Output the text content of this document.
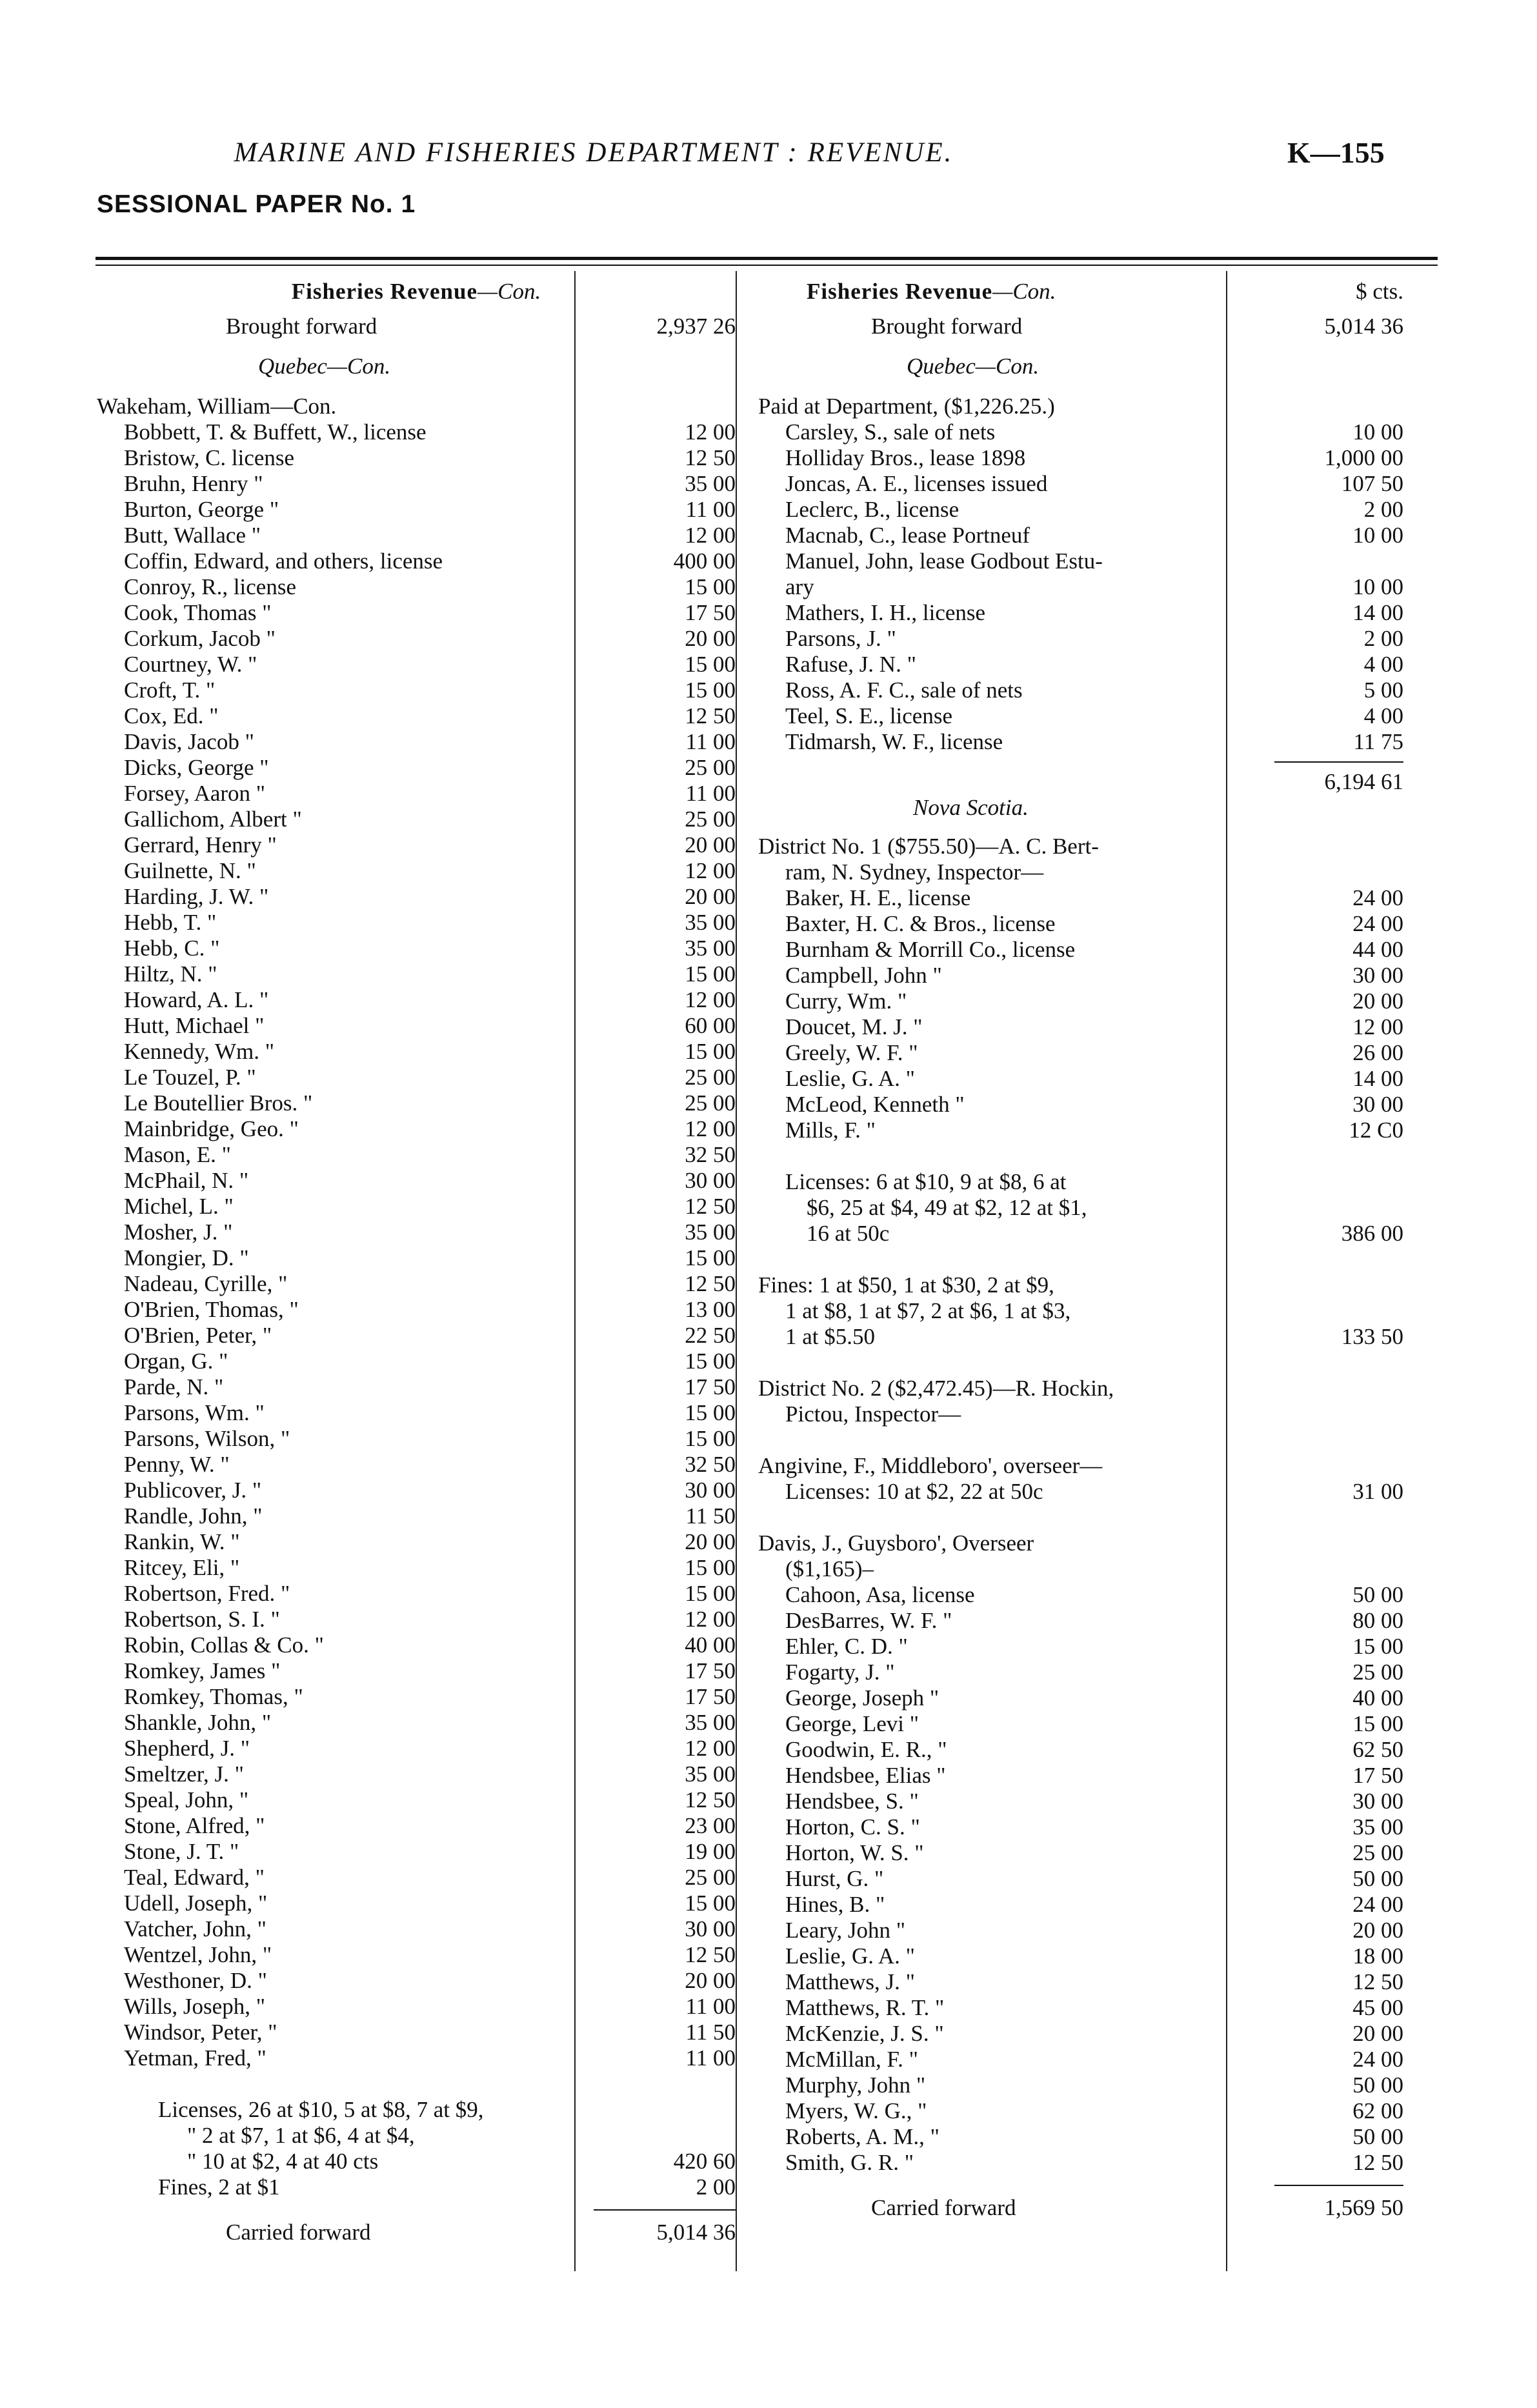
MARINE AND FISHERIES DEPARTMENT : REVENUE.	K—155
SESSIONAL PAPER No. 1
Fisheries Revenue—Con.
Brought forward	2,937 26
Quebec—Con.
Wakeham, William—Con.
Bobbett, T. & Buffett, W., license	12 00
Bristow, C. license	12 50
Bruhn, Henry "	35 00
Burton, George "	11 00
Butt, Wallace "	12 00
Coffin, Edward, and others, license	400 00
Conroy, R., license	15 00
Cook, Thomas "	17 50
Corkum, Jacob "	20 00
Courtney, W. "	15 00
Croft, T. "	15 00
Cox, Ed. "	12 50
Davis, Jacob "	11 00
Dicks, George "	25 00
Forsey, Aaron "	11 00
Gallichom, Albert "	25 00
Gerrard, Henry "	20 00
Guilnette, N. "	12 00
Harding, J. W. "	20 00
Hebb, T. "	35 00
Hebb, C. "	35 00
Hiltz, N. "	15 00
Howard, A. L. "	12 00
Hutt, Michael "	60 00
Kennedy, Wm. "	15 00
Le Touzel, P. "	25 00
Le Boutellier Bros. "	25 00
Mainbridge, Geo. "	12 00
Mason, E. "	32 50
McPhail, N. "	30 00
Michel, L. "	12 50
Mosher, J. "	35 00
Mongier, D. "	15 00
Nadeau, Cyrille, "	12 50
O'Brien, Thomas, "	13 00
O'Brien, Peter, "	22 50
Organ, G. "	15 00
Parde, N. "	17 50
Parsons, Wm. "	15 00
Parsons, Wilson, "	15 00
Penny, W. "	32 50
Publicover, J. "	30 00
Randle, John, "	11 50
Rankin, W. "	20 00
Ritcey, Eli, "	15 00
Robertson, Fred. "	15 00
Robertson, S. I. "	12 00
Robin, Collas & Co. "	40 00
Romkey, James "	17 50
Romkey, Thomas, "	17 50
Shankle, John, "	35 00
Shepherd, J. "	12 00
Smeltzer, J. "	35 00
Speal, John, "	12 50
Stone, Alfred, "	23 00
Stone, J. T. "	19 00
Teal, Edward, "	25 00
Udell, Joseph, "	15 00
Vatcher, John, "	30 00
Wentzel, John, "	12 50
Westhoner, D. "	20 00
Wills, Joseph, "	11 00
Windsor, Peter, "	11 50
Yetman, Fred, "	11 00
Licenses, 26 at $10, 5 at $8, 7 at $9,
" 2 at $7, 1 at $6, 4 at $4,
" 10 at $2, 4 at 40 cts	420 60
Fines, 2 at $1	2 00
Carried forward	5,014 36
Fisheries Revenue—Con.	$ cts.
Brought forward	5,014 36
Quebec—Con.
Paid at Department, ($1,226.25.)
Carsley, S., sale of nets	10 00
Holliday Bros., lease 1898	1,000 00
Joncas, A. E., licenses issued	107 50
Leclerc, B., license	2 00
Macnab, C., lease Portneuf	10 00
Manuel, John, lease Godbout Estu-
ary	10 00
Mathers, I. H., license	14 00
Parsons, J. "	2 00
Rafuse, J. N. "	4 00
Ross, A. F. C., sale of nets	5 00
Teel, S. E., license	4 00
Tidmarsh, W. F., license	11 75
6,194 61
Nova Scotia.
District No. 1 ($755.50)—A. C. Bert-
ram, N. Sydney, Inspector—
Baker, H. E., license	24 00
Baxter, H. C. & Bros., license	24 00
Burnham & Morrill Co., license	44 00
Campbell, John "	30 00
Curry, Wm. "	20 00
Doucet, M. J. "	12 00
Greely, W. F. "	26 00
Leslie, G. A. "	14 00
McLeod, Kenneth "	30 00
Mills, F. "	12 C0
Licenses: 6 at $10, 9 at $8, 6 at
$6, 25 at $4, 49 at $2, 12 at $1,
16 at 50c	386 00
Fines: 1 at $50, 1 at $30, 2 at $9,
1 at $8, 1 at $7, 2 at $6, 1 at $3,
1 at $5.50	133 50
District No. 2 ($2,472.45)—R. Hockin,
Pictou, Inspector—
Angivine, F., Middleboro', overseer—
Licenses: 10 at $2, 22 at 50c	31 00
Davis, J., Guysboro', Overseer
($1,165)–
Cahoon, Asa, license	50 00
DesBarres, W. F. "	80 00
Ehler, C. D. "	15 00
Fogarty, J. "	25 00
George, Joseph "	40 00
George, Levi "	15 00
Goodwin, E. R., "	62 50
Hendsbee, Elias "	17 50
Hendsbee, S. "	30 00
Horton, C. S. "	35 00
Horton, W. S. "	25 00
Hurst, G. "	50 00
Hines, B. "	24 00
Leary, John "	20 00
Leslie, G. A. "	18 00
Matthews, J. "	12 50
Matthews, R. T. "	45 00
McKenzie, J. S. "	20 00
McMillan, F. "	24 00
Murphy, John "	50 00
Myers, W. G., "	62 00
Roberts, A. M., "	50 00
Smith, G. R. "	12 50
Carried forward	1,569 50
